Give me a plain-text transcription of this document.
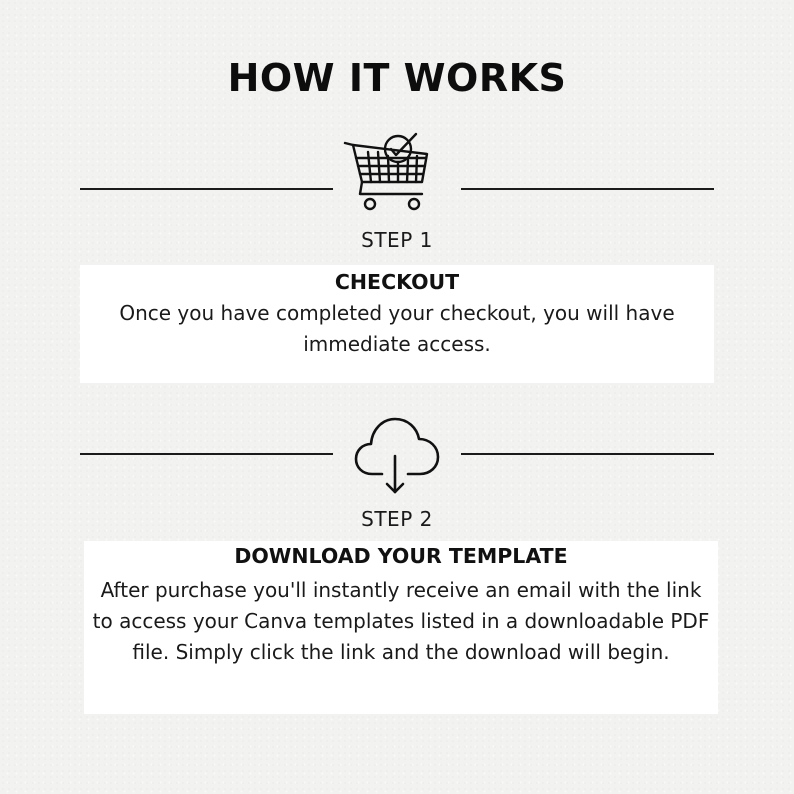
HOW IT WORKS
STEP 1

CHECKOUT

Once you have completed your checkout, you will have immediate access.

STEP 2

DOWNLOAD YOUR TEMPLATE

After purchase you'll instantly receive an email with the link to access your Canva templates listed in a downloadable PDF file. Simply click the link and the download will begin.
